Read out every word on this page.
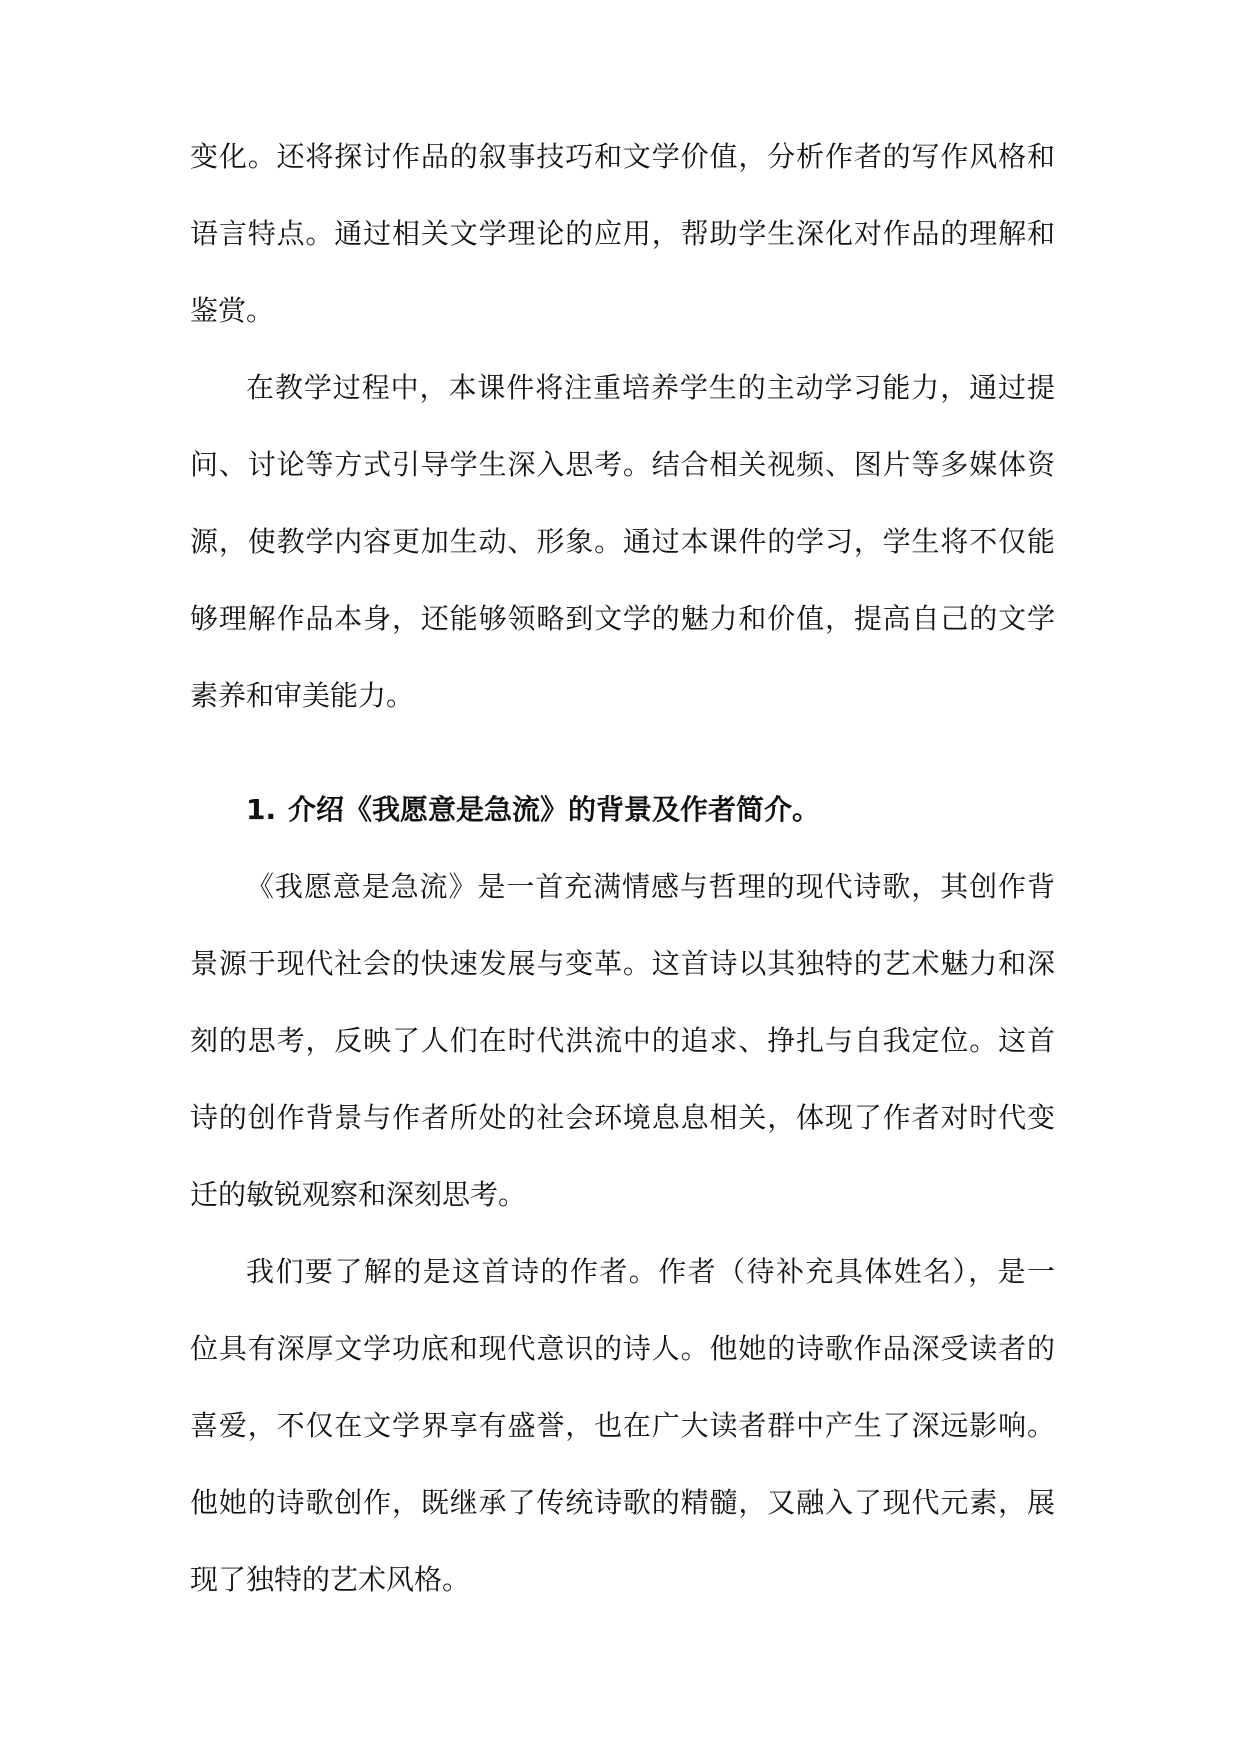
变化。还将探讨作品的叙事技巧和文学价值，分析作者的写作风格和
语言特点。通过相关文学理论的应用，帮助学生深化对作品的理解和
鉴赏。
在教学过程中，本课件将注重培养学生的主动学习能力，通过提
问、讨论等方式引导学生深入思考。结合相关视频、图片等多媒体资
源，使教学内容更加生动、形象。通过本课件的学习，学生将不仅能
够理解作品本身，还能够领略到文学的魅力和价值，提高自己的文学
素养和审美能力。
1. 介绍《我愿意是急流》的背景及作者简介。
《我愿意是急流》是一首充满情感与哲理的现代诗歌，其创作背
景源于现代社会的快速发展与变革。这首诗以其独特的艺术魅力和深
刻的思考，反映了人们在时代洪流中的追求、挣扎与自我定位。这首
诗的创作背景与作者所处的社会环境息息相关，体现了作者对时代变
迁的敏锐观察和深刻思考。
我们要了解的是这首诗的作者。作者（待补充具体姓名），是一
位具有深厚文学功底和现代意识的诗人。他她的诗歌作品深受读者的
喜爱，不仅在文学界享有盛誉，也在广大读者群中产生了深远影响。
他她的诗歌创作，既继承了传统诗歌的精髓，又融入了现代元素，展
现了独特的艺术风格。
